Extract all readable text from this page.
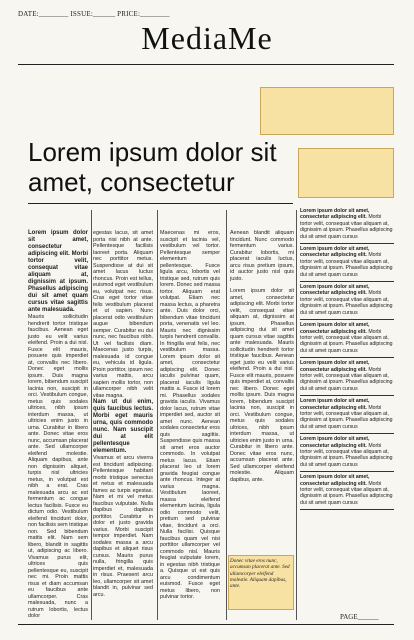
DATE:________ ISSUE:______ PRICE:________
MediaMe
Lorem ipsum dolor sit amet, consectetur

Lorem ipsum dolor sit amet, consectetur adipiscing elit. Morbi tortor velit, consequat vitae aliquam at, dignissim at ipsum. Phasellus adipiscing dui sit amet quam cursus vitae sagittis ante malesuada.

Mauris sollicitudin hendrerit tortor tristique faucibus. Aenean eget justo eu velit varius eleifend. Proin a dui nisl. Fusce elit mauris, posuere quis imperdiet at, convallis nec libero. Donec eget mollis ipsum. Duis magna lorem, bibendum suscipit lacinia non, suscipit in orci. Vestibulum congue, metus quis sodales ultrices, nibh ipsum interdum massa, ut ultricies enim justo in urna. Curabitur in libero ante. Donec vitae eros nunc, accumsan placerat ante. Sed ullamcorper eleifend molestie. Aliquam dapibus, ante non dignissim aliquet, turpis nisl ultricies metus, in volutpat est nibh a erat. Cras malesuada arcu ac est fermentum ac congue lectus facilisis. Fusce eu dictum odio. Vestibulum eleifend tincidunt dolor, non facilisis sem tristique non. Sed bibendum mattis elit. Nam sem libero, blandit in sagittis ut, adipiscing ac libero. Vivamus purus elit, ultrices quis pellentesque eu, suscipit nec mi. Proin mattis risus et diam accumsan eu faucibus ante ullamcorper. Cras malesuada, nunc a rutrum lobortis, lectus dolor

egestas lacus, sit amet porta nisi nibh at ante. Pellentesque facilisis laoreet porta. Aliquam nec porttitor metus. Suspendisse at dui sit amet lacus luctus rhoncus. Proin est tellus, euismod eget vestibulum eu, volutpat nec risus. Cras eget tortor vitae felis vestibulum placerat et ut sapien. Nunc placerat odio vestibulum augue bibendum semper. Curabitur eu dui nunc, nec faucibus nibh. Ut vel facilisis diam. Maecenas justo turpis, malesuada id congue eu, vehicula id ligula. Proin porttitor, ipsum nec varius mattis, arcu sapien mollis tortor, non ullamcorper nibh velit vitae magna.

Nam ut dui enim, quis faucibus lectus. Morbi eget mauris urna, quis commodo nunc. Nam suscipit dui at elit pellentesque elementum.

Vivamus et arcu viverra est tincidunt adipiscing. Pellentesque habitant morbi tristique senectus et netus et malesuada fames ac turpis egestas. Nam et mi vel metus faucibus vulputate. Nulla dapibus dapibus porttitor. Curabitur in dolor et justo gravida varius. Morbi suscipit tempor imperdiet. Nam sodales massa a arcu dapibus et aliquet risus cursus. Mauris purus nulla, fringilla quis imperdiet et, malesuada in risus. Praesent arcu leo, ullamcorper sit amet blandit in, pulvinar sed arcu.

Maecenas mi eros, suscipit et lacinia vel, vestibulum vel tortor. Pellentesque semper elementum pellentesque. Fusce ligula arcu, lobortis vel tristique sed, rutrum quis lorem. Donec sed massa tortor. Aliquam erat volutpat. Etiam nec massa lectus, a pharetra ante. Duis dolor orci, bibendum vitae tincidunt porta, venenatis vel leo. Mauris nec dignissim turpis hendrerit convallis. In fringilla erat felis, nec vestibulum massa. Lorem ipsum dolor sit amet, consectetur adipiscing elit. Donec iaculis pulvinar quam, placerat iaculis ligula mattis a. Fusce id lorem mi. Phasellus sodales gravida iaculis. Vivamus dolor lacus, rutrum vitae imperdiet sed, auctor sit amet nunc. Aenean sodales consectetur eros quis sagittis. Suspendisse quis massa sit amet eros auctor commodo. In volutpat metus lacus. Etiam placerat leo ut lorem gravida feugiat congue ante rhoncus. Integer at varius magna. Vestibulum laoreet, massa eleifend elementum lacinia, ligula odio commodo velit, pretium sed pulvinar vitae, tincidunt a orci. Nulla facilisi. Quisque faucibus quam vel nisi porttitor ullamcorper vel commodo nisl. Mauris feugiat vulputate lorem, in egestas nibh tristique a. Quisque ut est quis arcu condimentum euismod. Fusce eget metus libero, non pulvinar tortor.

Aenean blandit aliquam tincidunt. Nunc commodo fermentum varius. Curabitur lobortis, mi placerat iaculis luctus, arcu risus pretium ipsum, id auctor justo nisl quis justo.

Lorem ipsum dolor sit amet, consectetur adipiscing elit. Morbi tortor velit, consequat vitae aliquam at, dignissim at ipsum. Phasellus adipiscing dui sit amet quam cursus vitae sagittis ante malesuada. Mauris sollicitudin hendrerit tortor tristique faucibus. Aenean eget justo eu velit varius eleifend. Proin a dui nisl. Fusce elit mauris, posuere quis imperdiet at, convallis nec libero. Donec eget mollis ipsum. Duis magna lorem, bibendum suscipit lacinia non, suscipit in orci. Vestibulum congue, metus quis sodales ultrices, nibh ipsum interdum massa, ut ultricies enim justo in urna. Curabitur in libero ante. Donec vitae eros nunc, accumsan placerat ante. Sed ullamcorper eleifend molestie. Aliquam dapibus, ante.

Donec vitae eros nunc, accumsan placerat ante. Sed ullamcorper eleifend molestie. Aliquam dapibus, ante.
Lorem ipsum dolor sit amet, consectetur adipiscing elit. Morbi tortor velit, consequat vitae aliquam at, dignissim at ipsum. Phasellus adipiscing dui sit amet quam cursus
Lorem ipsum dolor sit amet, consectetur adipiscing elit. Morbi tortor velit, consequat vitae aliquam at, dignissim at ipsum. Phasellus adipiscing dui sit amet quam cursus
Lorem ipsum dolor sit amet, consectetur adipiscing elit. Morbi tortor velit, consequat vitae aliquam at, dignissim at ipsum. Phasellus adipiscing dui sit amet quam cursus
Lorem ipsum dolor sit amet, consectetur adipiscing elit. Morbi tortor velit, consequat vitae aliquam at, dignissim at ipsum. Phasellus adipiscing dui sit amet quam cursus
Lorem ipsum dolor sit amet, consectetur adipiscing elit. Morbi tortor velit, consequat vitae aliquam at, dignissim at ipsum. Phasellus adipiscing dui sit amet quam cursus
Lorem ipsum dolor sit amet, consectetur adipiscing elit. Morbi tortor velit, consequat vitae aliquam at, dignissim at ipsum. Phasellus adipiscing dui sit amet quam cursus
Lorem ipsum dolor sit amet, consectetur adipiscing elit. Morbi tortor velit, consequat vitae aliquam at, dignissim at ipsum. Phasellus adipiscing dui sit amet quam cursus
Lorem ipsum dolor sit amet, consectetur adipiscing elit. Morbi tortor velit, consequat vitae aliquam at, dignissim at ipsum. Phasellus adipiscing dui sit amet quam cursus
PAGE______
